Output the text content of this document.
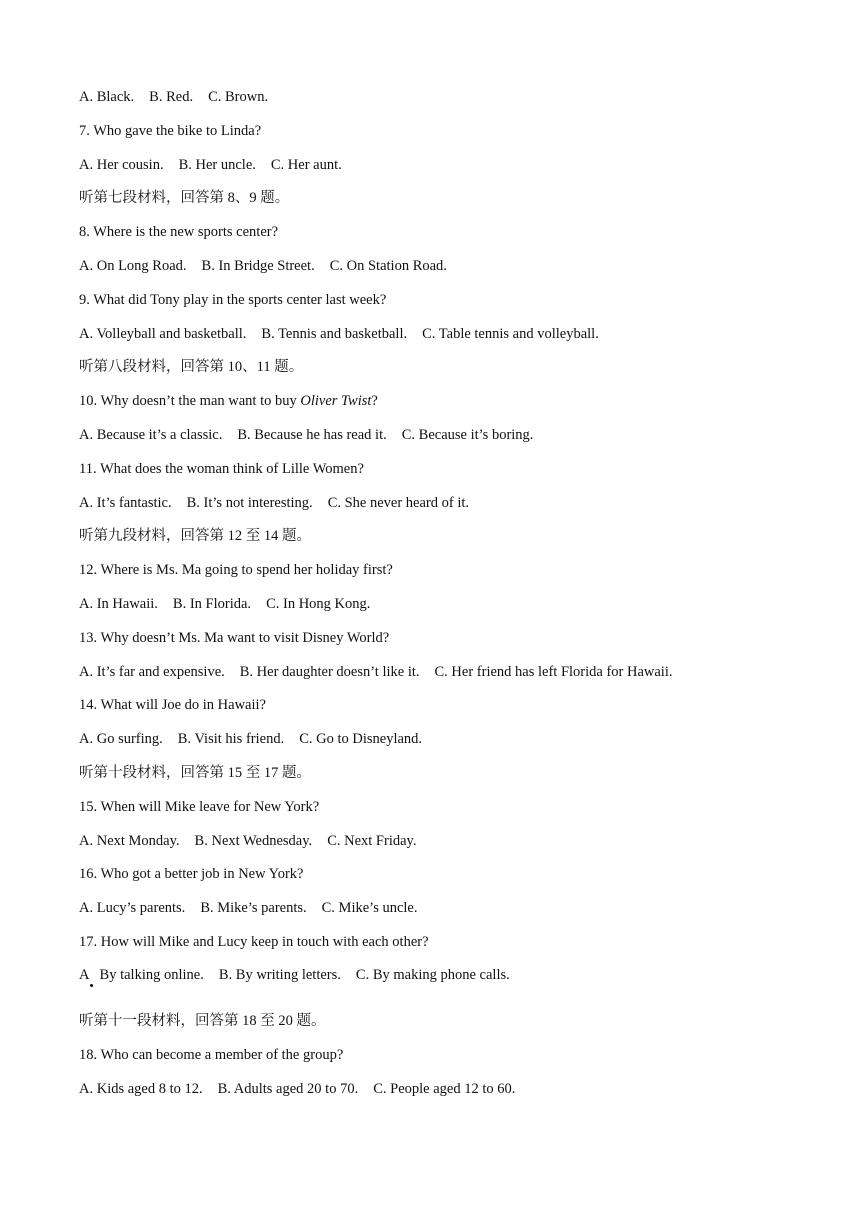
A. Black. B. Red. C. Brown.
7. Who gave the bike to Linda?
A. Her cousin. B. Her uncle. C. Her aunt.
听第七段材料，回答第 8、9 题。
8. Where is the new sports center?
A. On Long Road. B. In Bridge Street. C. On Station Road.
9. What did Tony play in the sports center last week?
A. Volleyball and basketball. B. Tennis and basketball. C. Table tennis and volleyball.
听第八段材料，回答第 10、11 题。
10. Why doesn’t the man want to buy Oliver Twist?
A. Because it’s a classic. B. Because he has read it. C. Because it’s boring.
11. What does the woman think of Lille Women?
A. It’s fantastic. B. It’s not interesting. C. She never heard of it.
听第九段材料，回答第 12 至 14 题。
12. Where is Ms. Ma going to spend her holiday first?
A. In Hawaii. B. In Florida. C. In Hong Kong.
13. Why doesn’t Ms. Ma want to visit Disney World?
A. It’s far and expensive. B. Her daughter doesn’t like it. C. Her friend has left Florida for Hawaii.
14. What will Joe do in Hawaii?
A. Go surfing. B. Visit his friend. C. Go to Disneyland.
听第十段材料，回答第 15 至 17 题。
15. When will Mike leave for New York?
A. Next Monday. B. Next Wednesday. C. Next Friday.
16. Who got a better job in New York?
A. Lucy’s parents. B. Mike’s parents. C. Mike’s uncle.
17. How will Mike and Lucy keep in touch with each other?
A   By talking online. B. By writing letters. C. By making phone calls.
听第十一段材料，回答第 18 至 20 题。
18. Who can become a member of the group?
A. Kids aged 8 to 12. B. Adults aged 20 to 70. C. People aged 12 to 60.
